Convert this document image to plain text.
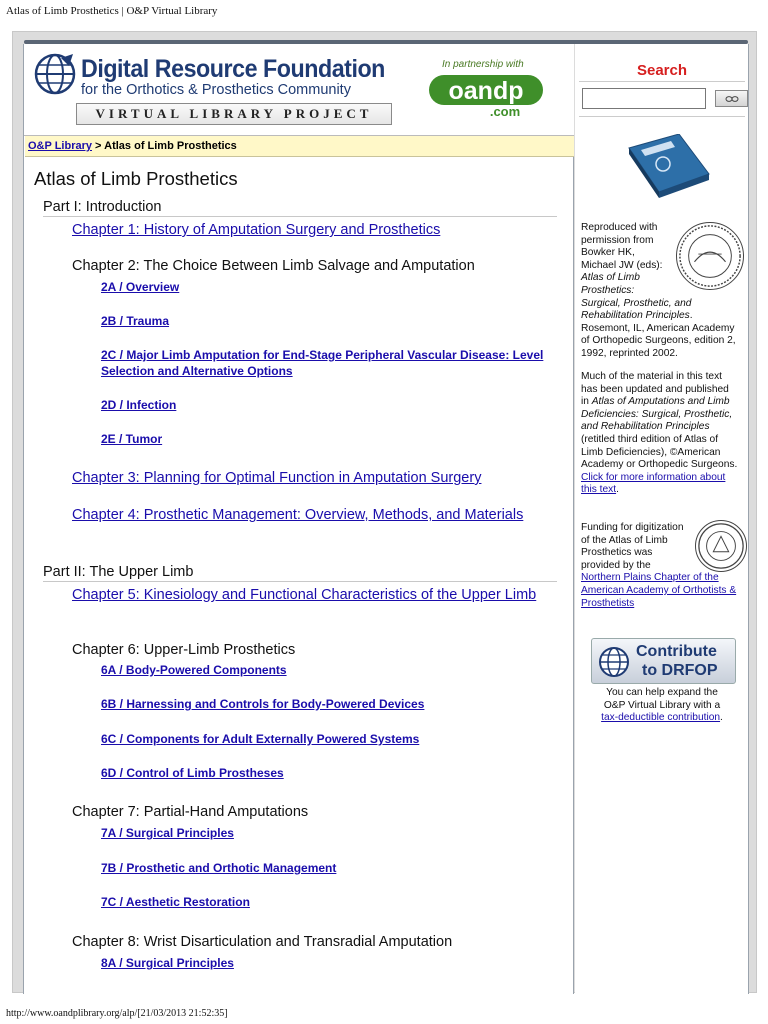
Atlas of Limb Prosthetics | O&P Virtual Library
Digital Resource Foundation
for the Orthotics & Prosthetics Community
VIRTUAL LIBRARY PROJECT
In partnership with
oandp
.com
O&P Library > Atlas of Limb Prosthetics
Atlas of Limb Prosthetics
Part I: Introduction
Chapter 1: History of Amputation Surgery and Prosthetics
Chapter 2: The Choice Between Limb Salvage and Amputation
2A / Overview
2B / Trauma
2C / Major Limb Amputation for End-Stage Peripheral Vascular Disease: Level Selection and Alternative Options
2D / Infection
2E / Tumor
Chapter 3: Planning for Optimal Function in Amputation Surgery
Chapter 4: Prosthetic Management: Overview, Methods, and Materials
Part II: The Upper Limb
Chapter 5: Kinesiology and Functional Characteristics of the Upper Limb
Chapter 6: Upper-Limb Prosthetics
6A / Body-Powered Components
6B / Harnessing and Controls for Body-Powered Devices
6C / Components for Adult Externally Powered Systems
6D / Control of Limb Prostheses
Chapter 7: Partial-Hand Amputations
7A / Surgical Principles
7B / Prosthetic and Orthotic Management
7C / Aesthetic Restoration
Chapter 8: Wrist Disarticulation and Transradial Amputation
8A / Surgical Principles
Search
Reproduced with
permission from
Bowker HK,
Michael JW (eds):
Atlas of Limb
Prosthetics:
Surgical, Prosthetic, and
Rehabilitation Principles.
Rosemont, IL, American Academy
of Orthopedic Surgeons, edition 2,
1992, reprinted 2002.
Much of the material in this text
has been updated and published
in Atlas of Amputations and Limb
Deficiencies: Surgical, Prosthetic,
and Rehabilitation Principles
(retitled third edition of Atlas of
Limb Deficiencies), ©American
Academy or Orthopedic Surgeons.
Click for more information about
this text.
Funding for digitization
of the Atlas of Limb
Prosthetics was
provided by the
Northern Plains Chapter of the
American Academy of Orthotists &
Prosthetists
Contribute
to DRFOP
You can help expand the
O&P Virtual Library with a
tax-deductible contribution.
http://www.oandplibrary.org/alp/[21/03/2013 21:52:35]
